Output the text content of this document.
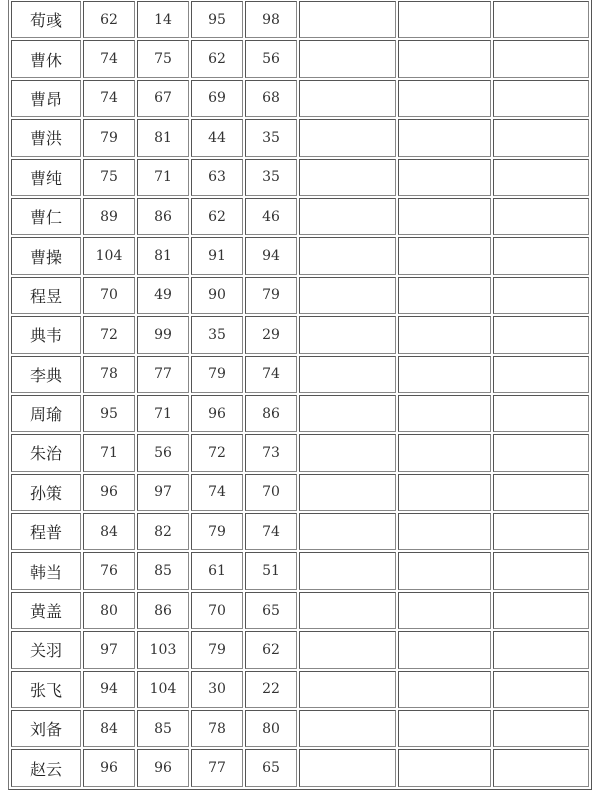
荀彧	62	14	95	98			
曹休	74	75	62	56			
曹昂	74	67	69	68			
曹洪	79	81	44	35			
曹纯	75	71	63	35			
曹仁	89	86	62	46			
曹操	104	81	91	94			
程昱	70	49	90	79			
典韦	72	99	35	29			
李典	78	77	79	74			
周瑜	95	71	96	86			
朱治	71	56	72	73			
孙策	96	97	74	70			
程普	84	82	79	74			
韩当	76	85	61	51			
黄盖	80	86	70	65			
关羽	97	103	79	62			
张飞	94	104	30	22			
刘备	84	85	78	80			
赵云	96	96	77	65			
